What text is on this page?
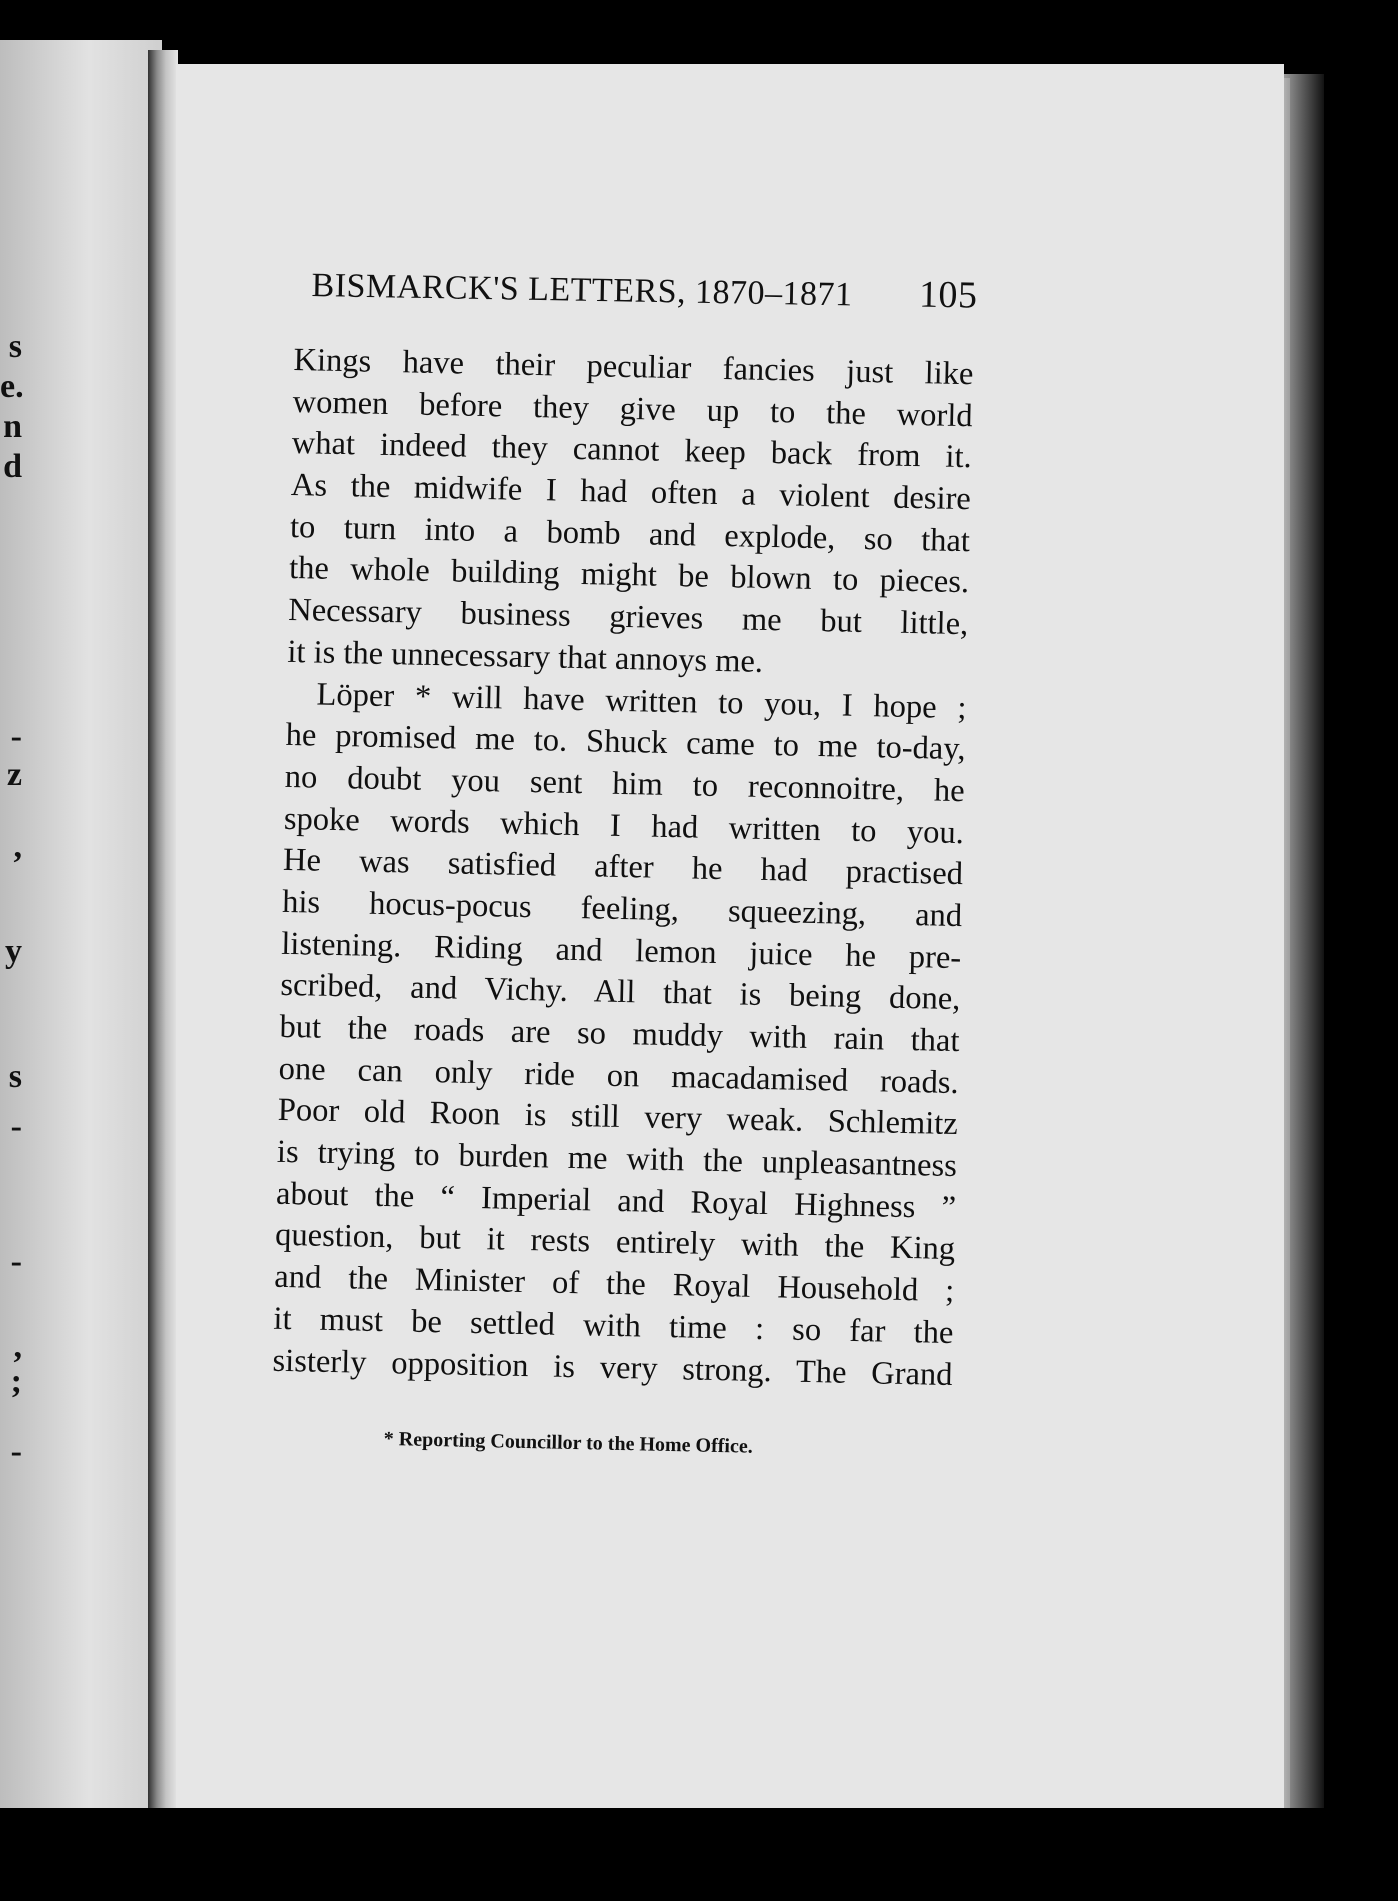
s
e.
n
d
-
z
,
y
s
-
-
,
;
-
BISMARCK'S LETTERS, 1870–1871 105
Kings have their peculiar fancies just like
women before they give up to the world
what indeed they cannot keep back from it.
As the midwife I had often a violent desire
to turn into a bomb and explode, so that
the whole building might be blown to pieces.
Necessary business grieves me but little,
it is the unnecessary that annoys me.
Löper * will have written to you, I hope ;
he promised me to. Shuck came to me to-day,
no doubt you sent him to reconnoitre, he
spoke words which I had written to you.
He was satisfied after he had practised
his hocus-pocus feeling, squeezing, and
listening. Riding and lemon juice he pre-
scribed, and Vichy. All that is being done,
but the roads are so muddy with rain that
one can only ride on macadamised roads.
Poor old Roon is still very weak. Schlemitz
is trying to burden me with the unpleasantness
about the “ Imperial and Royal Highness ”
question, but it rests entirely with the King
and the Minister of the Royal Household ;
it must be settled with time : so far the
sisterly opposition is very strong. The Grand
* Reporting Councillor to the Home Office.
